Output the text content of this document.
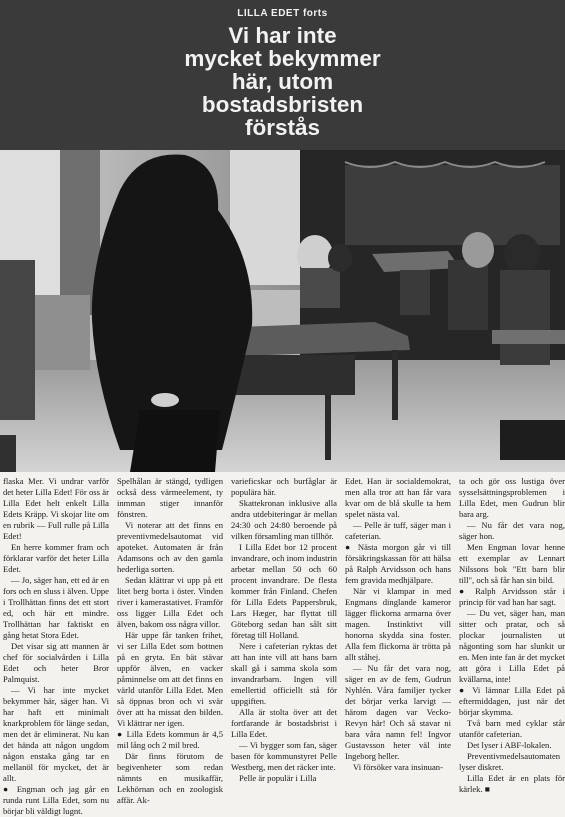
LILLA EDET forts
Vi har inte
mycket bekymmer
här, utom
bostadsbristen
förstås

flaska Mer. Vi undrar varför det heter Lilla Edet! För oss är Lilla Edet helt enkelt Lilla Edets Kräpp. Vi skojar lite om en rubrik — Full rulle på Lilla Edet!

En herre kommer fram och förklarar varför det heter Lilla Edet.

— Jo, säger han, ett ed är en fors och en sluss i älven. Uppe i Trollhättan finns det ett stort ed, och här ett mindre. Trollhättan har faktiskt en gång hetat Stora Edet.

Det visar sig att mannen är chef för socialvården i Lilla Edet och heter Bror Palmquist.

— Vi har inte mycket bekymmer här, säger han. Vi har haft ett minimalt knarkproblem för länge sedan, men det är eliminerat. Nu kan det hända att någon ungdom någon enstaka gång tar en mellanöl för mycket, det är allt.

● Engman och jag går en runda runt Lilla Edet, som nu börjar bli väldigt lugnt.

Spelhålan är stängd, tydligen också dess värmeelement, ty inmman stiger innanför fönstren.

Vi noterar att det finns en preventivmedelsautomat vid apoteket. Automaten är från Adamsons och av den gamla hederliga sorten.

Sedan klättrar vi upp på ett litet berg borta i öster. Vinden river i kamerastativet. Framför oss ligger Lilla Edet och älven, bakom oss några villor.

Här uppe får tanken frihet, vi ser Lilla Edet som bottnen på en gryta. En bät stävar uppför älven, en vacker påminnelse om att det finns en värld utanför Lilla Edet. Men så öppnas bron och vi svär över att ha missat den bilden. Vi klättrar ner igen.

● Lilla Edets kommun är 4,5 mil lång och 2 mil bred.

Där finns förutom de begivenheter som redan nämnts en musikaffär, Lekhörnan och en zoologisk affär. Ak-

varieficskar och burfåglar är populära här.

Skattekronan inklusive alla andra utdebiteringar är mellan 24:30 och 24:80 beroende på vilken församling man tillhör.

I Lilla Edet bor 12 procent invandrare, och inom industrin arbetar mellan 50 och 60 procent invandrare. De flesta kommer från Finland. Chefen för Lilla Edets Pappersbruk, Lars Hæger, har flyttat till Göteborg sedan han sålt sitt företag till Holland.

Nere i cafeterian ryktas det att han inte vill att hans barn skall gå i samma skola som invandrarbarn. Ingen vill emellertid officiellt stå för uppgiften.

Alla är stolta över att det fortfarande är bostadsbrist i Lilla Edet.

— Vi bygger som fan, säger basen för kommunstyret Pelle Westberg, men det räcker inte.

Pelle är populär i Lilla

Edet. Han är socialdemokrat, men alla tror att han får vara kvar om de blå skulle ta hem spelet nästa val.

— Pelle är tuff, säger man i cafeterian.

● Nästa morgon går vi till försäkringskassan för att hälsa på Ralph Arvidsson och hans fem gravida medhjälpare.

När vi klampar in med Engmans dinglande kameror lägger flickorna armarna över magen. Instinktivt vill honorna skydda sina foster. Alla fem flickorna är trötta på allt ståhej.

— Nu får det vara nog, säger en av de fem, Gudrun Nyhlén. Våra familjer tycker det börjar verka larvigt — härom dagen var Vecko-Revyn här! Och så stavar ni bara våra namn fel! Ingvor Gustavsson heter väl inte Ingeborg heller.

Vi försöker vara insinuan-

ta och gör oss lustiga över sysselsättningsproblemen i Lilla Edet, men Gudrun blir bara arg.

— Nu får det vara nog, säger hon.

Men Engman lovar henne ett exemplar av Lennart Nilssons bok "Ett barn blir till", och så får han sin bild.

● Ralph Arvidsson står i princip för vad han har sagt.

— Du vet, säger han, man sitter och pratar, och så plockar journalisten ut någonting som har slunkit ur en. Men inte fan är det mycket att göra i Lilla Edet på kvällarna, inte!

● Vi lämnar Lilla Edet på eftermiddagen, just när det börjar skymma.

Två barn med cyklar står utanför cafeterian.

Det lyser i ABF-lokalen.

Preventivmedelsautomaten lyser diskret.

Lilla Edet är en plats för kärlek. ■
